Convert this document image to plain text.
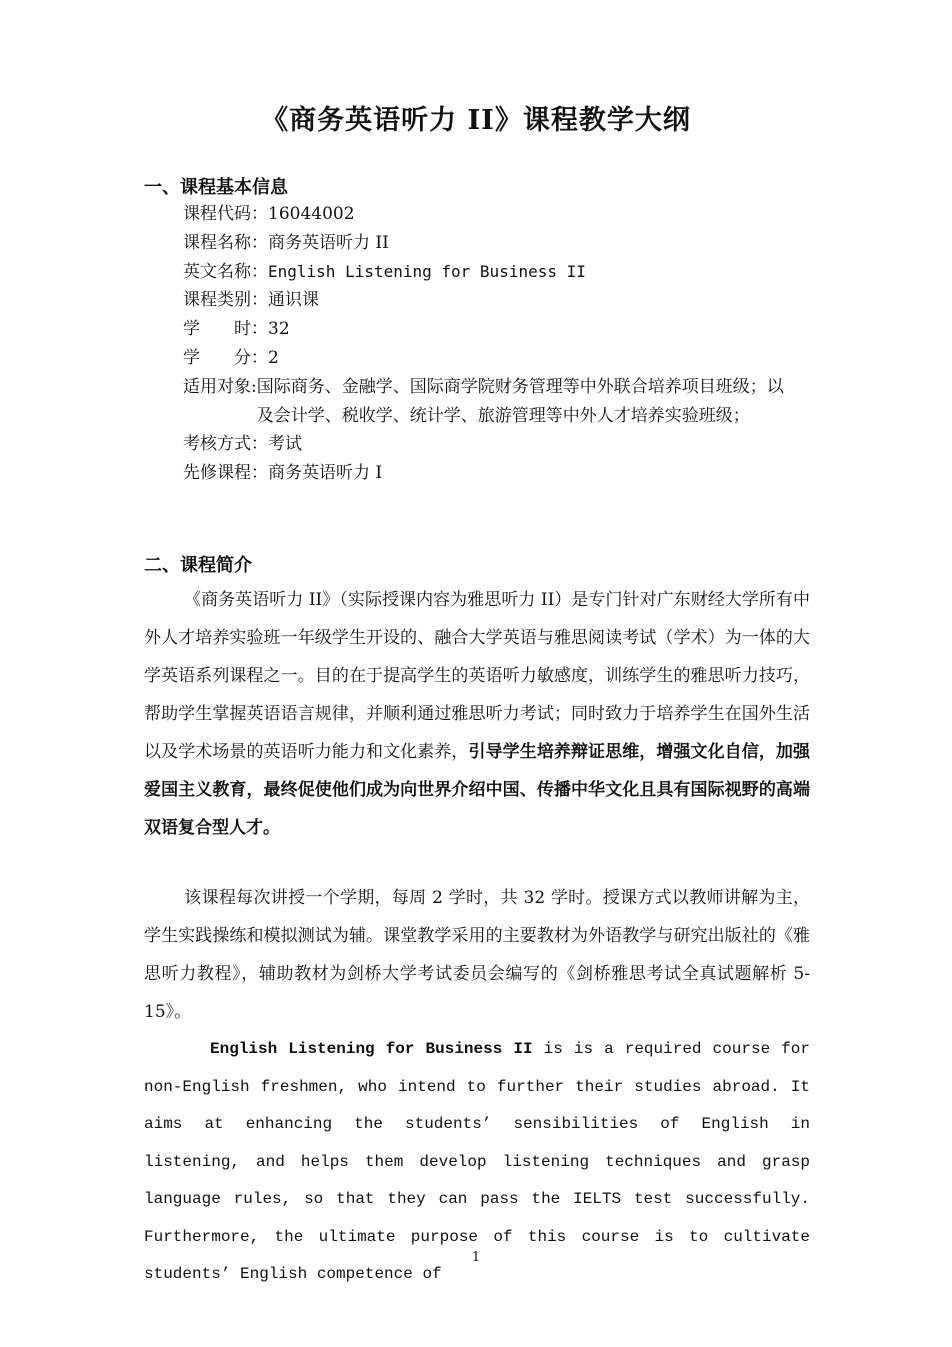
《商务英语听力 II》课程教学大纲
一、课程基本信息
课程代码： 16044002
课程名称： 商务英语听力 II
英文名称： English Listening for Business II
课程类别： 通识课
学　　时： 32
学　　分： 2
适用对象: 国际商务、金融学、国际商学院财务管理等中外联合培养项目班级；以及会计学、税收学、统计学、旅游管理等中外人才培养实验班级；
考核方式： 考试
先修课程： 商务英语听力 I
二、课程简介
《商务英语听力 II》（实际授课内容为雅思听力 II）是专门针对广东财经大学所有中外人才培养实验班一年级学生开设的、融合大学英语与雅思阅读考试（学术）为一体的大学英语系列课程之一。目的在于提高学生的英语听力敏感度，训练学生的雅思听力技巧，帮助学生掌握英语语言规律，并顺利通过雅思听力考试；同时致力于培养学生在国外生活以及学术场景的英语听力能力和文化素养，引导学生培养辩证思维，增强文化自信，加强爱国主义教育，最终促使他们成为向世界介绍中国、传播中华文化且具有国际视野的高端双语复合型人才。
该课程每次讲授一个学期，每周 2 学时，共 32 学时。授课方式以教师讲解为主，学生实践操练和模拟测试为辅。课堂教学采用的主要教材为外语教学与研究出版社的《雅思听力教程》，辅助教材为剑桥大学考试委员会编写的《剑桥雅思考试全真试题解析 5-15》。
English Listening for Business II is is a required course for non-English freshmen, who intend to further their studies abroad. It aims at enhancing the students’ sensibilities of English in listening, and helps them develop listening techniques and grasp language rules, so that they can pass the IELTS test successfully. Furthermore, the ultimate purpose of this course is to cultivate students’ English competence of
1
